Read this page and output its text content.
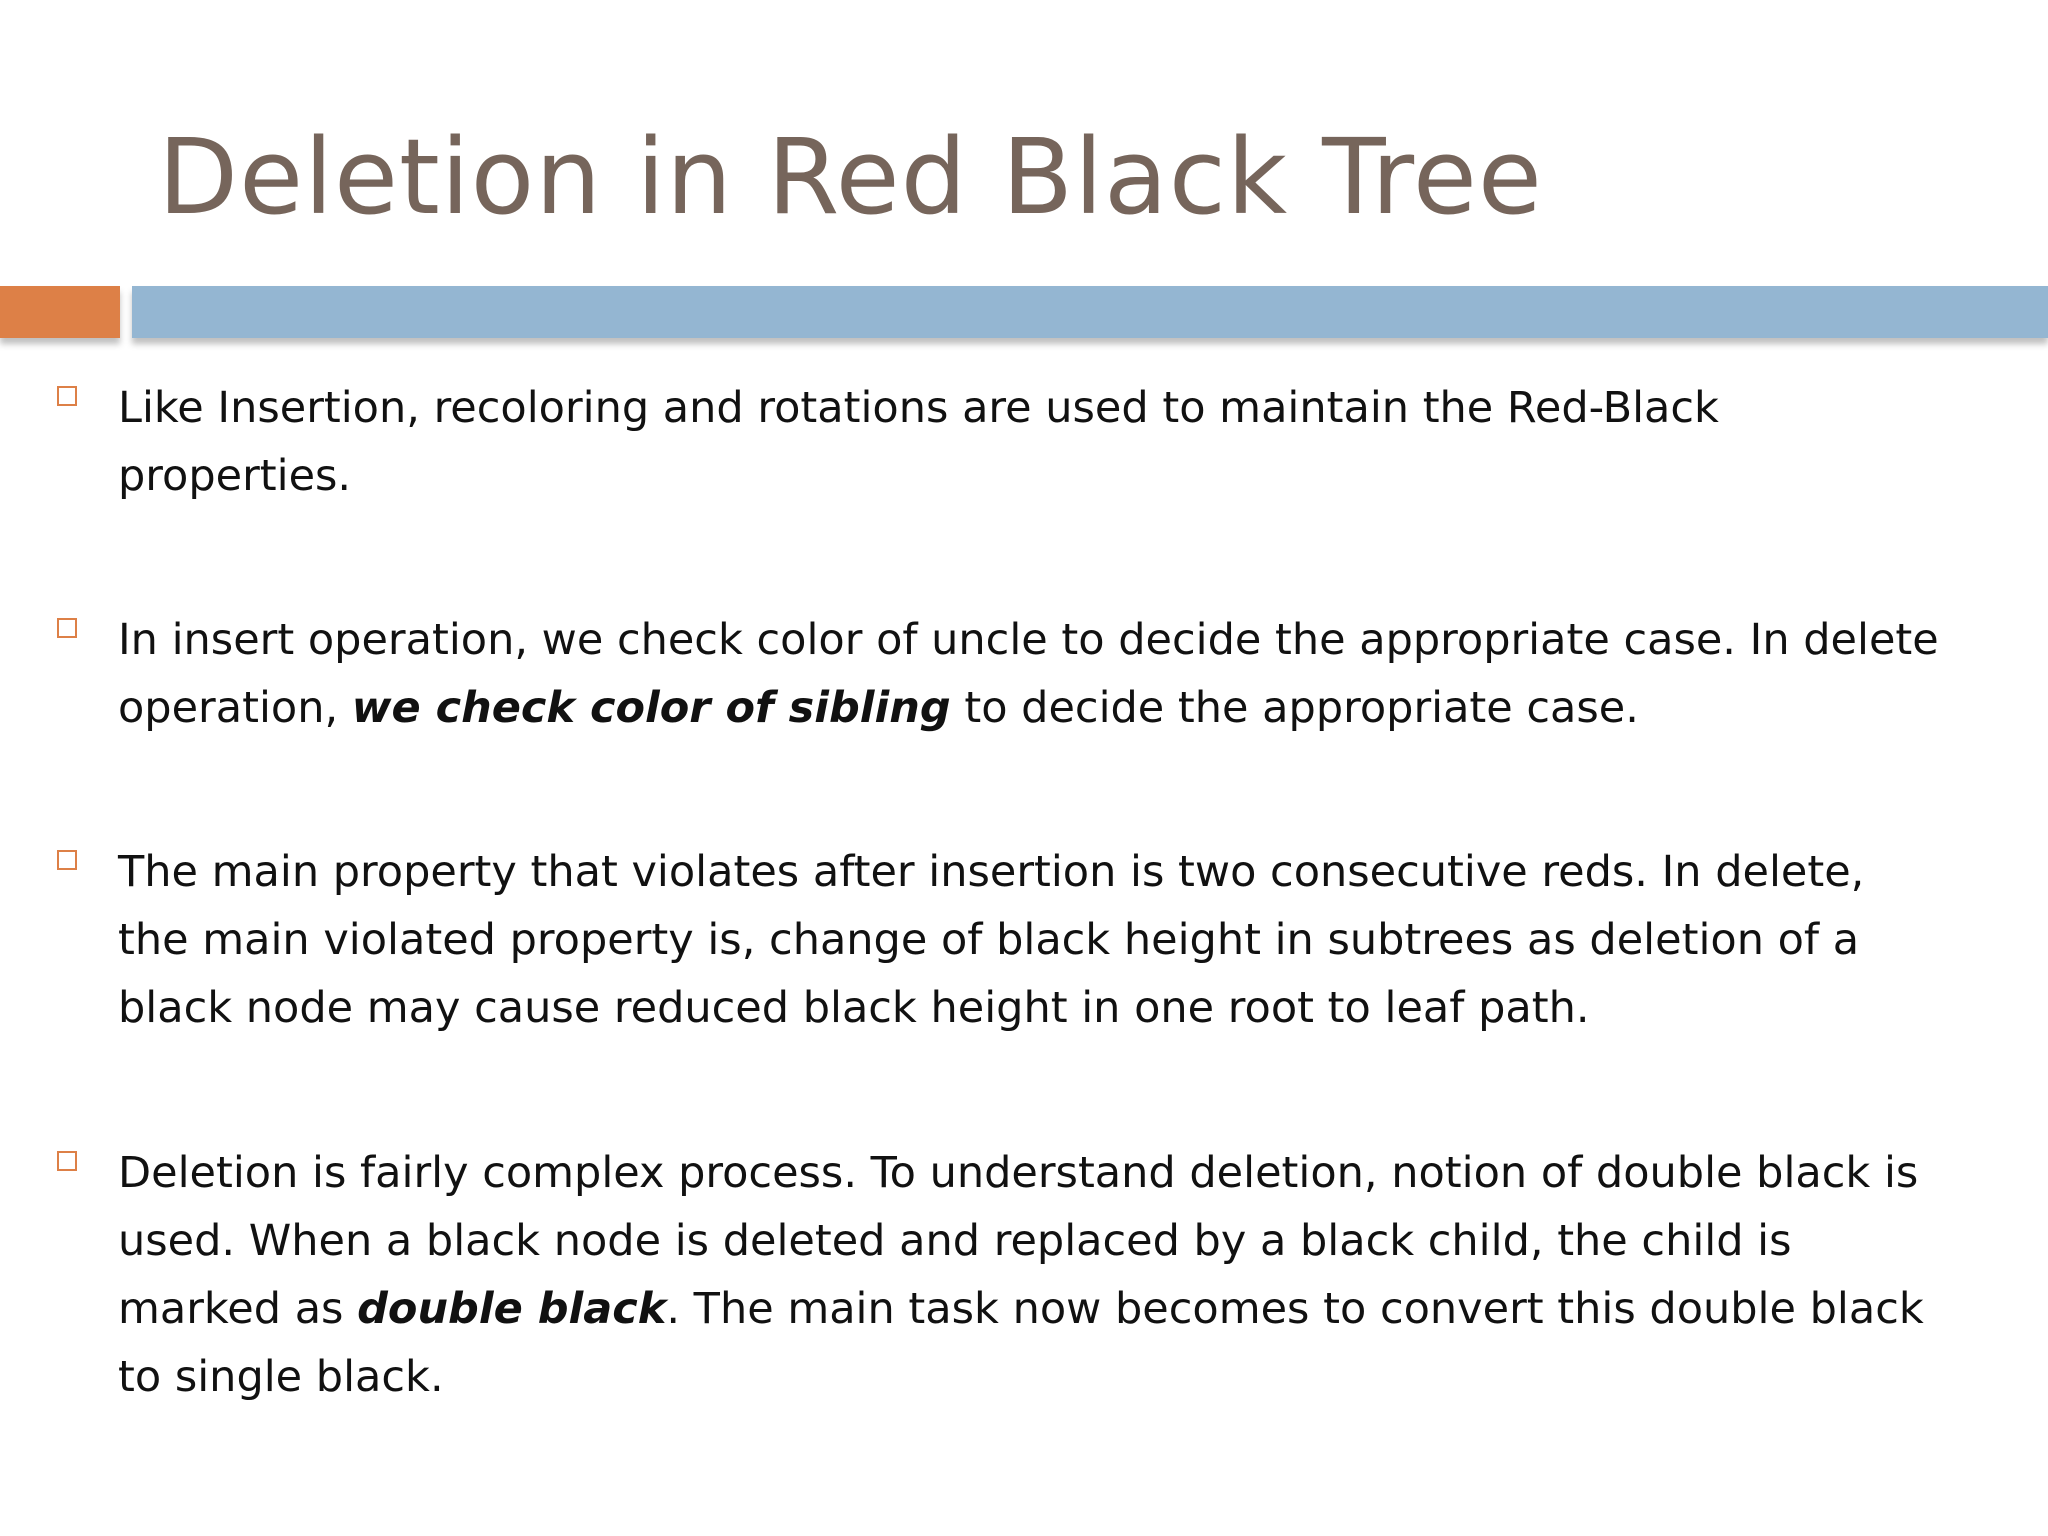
Deletion in Red Black Tree

Like Insertion, recoloring and rotations are used to maintain the Red-Black properties.

In insert operation, we check color of uncle to decide the appropriate case. In delete operation, we check color of sibling to decide the appropriate case.

The main property that violates after insertion is two consecutive reds. In delete, the main violated property is, change of black height in subtrees as deletion of a black node may cause reduced black height in one root to leaf path.

Deletion is fairly complex process. To understand deletion, notion of double black is used. When a black node is deleted and replaced by a black child, the child is marked as double black. The main task now becomes to convert this double black to single black.
